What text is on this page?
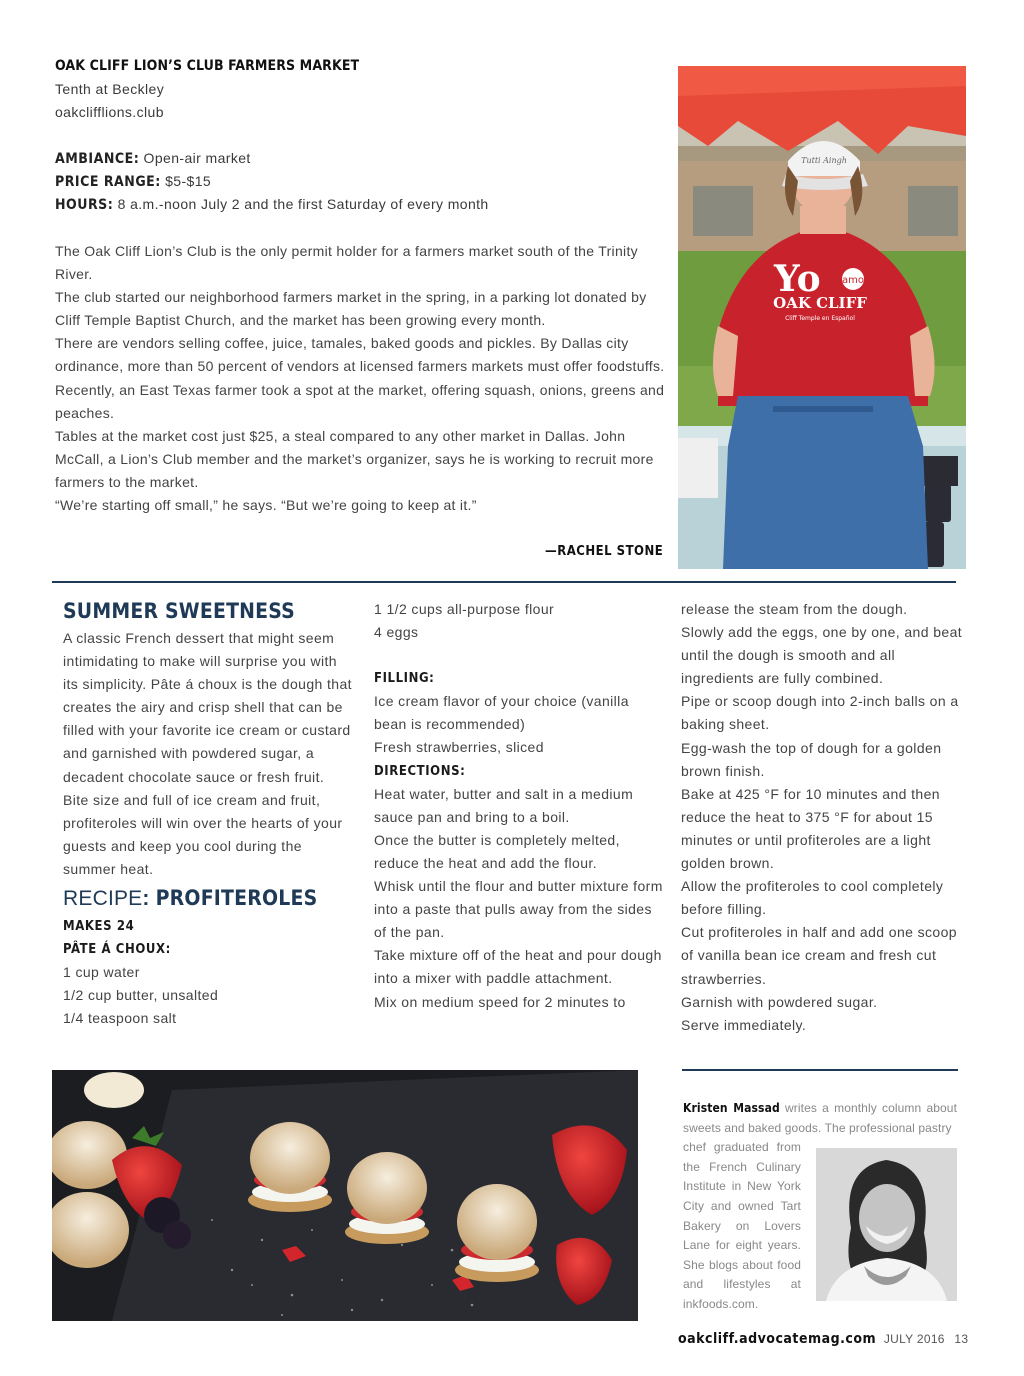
OAK CLIFF LION’S CLUB FARMERS MARKET
Tenth at Beckley
oakclifflions.club
AMBIANCE: Open-air market
PRICE RANGE: $5-$15
HOURS: 8 a.m.-noon July 2 and the first Saturday of every month

The Oak Cliff Lion’s Club is the only permit holder for a farmers market south of the Trinity River.

The club started our neighborhood farmers market in the spring, in a parking lot donated by Cliff Temple Baptist Church, and the market has been growing every month.

There are vendors selling coffee, juice, tamales, baked goods and pickles. By Dallas city ordinance, more than 50 percent of vendors at licensed farmers markets must offer foodstuffs.

Recently, an East Texas farmer took a spot at the market, offering squash, onions, greens and peaches.

Tables at the market cost just $25, a steal compared to any other market in Dallas. John McCall, a Lion’s Club member and the market’s organizer, says he is working to recruit more farmers to the market.

“We’re starting off small,” he says. “But we’re going to keep at it.”

—RACHEL STONE
Tutti Aingh
Yo amo
OAK CLIFF
Cliff Temple en Español
SUMMER SWEETNESS
A classic French dessert that might seem intimidating to make will surprise you with its simplicity. Pâte á choux is the dough that creates the airy and crisp shell that can be filled with your favorite ice cream or custard and garnished with powdered sugar, a decadent chocolate sauce or fresh fruit. Bite size and full of ice cream and fruit, profiteroles will win over the hearts of your guests and keep you cool during the summer heat.
RECIPE: PROFITEROLES

MAKES 24

PÂTE Á CHOUX:

1 cup water

1/2 cup butter, unsalted

1/4 teaspoon salt

1 1/2 cups all-purpose flour

4 eggs

FILLING:

Ice cream flavor of your choice (vanilla bean is recommended)

Fresh strawberries, sliced

DIRECTIONS:

Heat water, butter and salt in a medium sauce pan and bring to a boil.

Once the butter is completely melted, reduce the heat and add the flour.

Whisk until the flour and butter mixture form into a paste that pulls away from the sides of the pan.

Take mixture off of the heat and pour dough into a mixer with paddle attachment.

Mix on medium speed for 2 minutes to

release the steam from the dough.

Slowly add the eggs, one by one, and beat until the dough is smooth and all ingredients are fully combined.

Pipe or scoop dough into 2-inch balls on a baking sheet.

Egg-wash the top of dough for a golden brown finish.

Bake at 425 °F for 10 minutes and then reduce the heat to 375 °F for about 15 minutes or until profiteroles are a light golden brown.

Allow the profiteroles to cool completely before filling.

Cut profiteroles in half and add one scoop of vanilla bean ice cream and fresh cut strawberries.

Garnish with powdered sugar.

Serve immediately.

Kristen Massad writes a monthly column about sweets and baked goods. The professional pastry
chef graduated from the French Culinary Institute in New York City and owned Tart Bakery on Lovers Lane for eight years. She blogs about food and lifestyles at inkfoods.com.
oakcliff.advocatemag.com JULY 2016 13
